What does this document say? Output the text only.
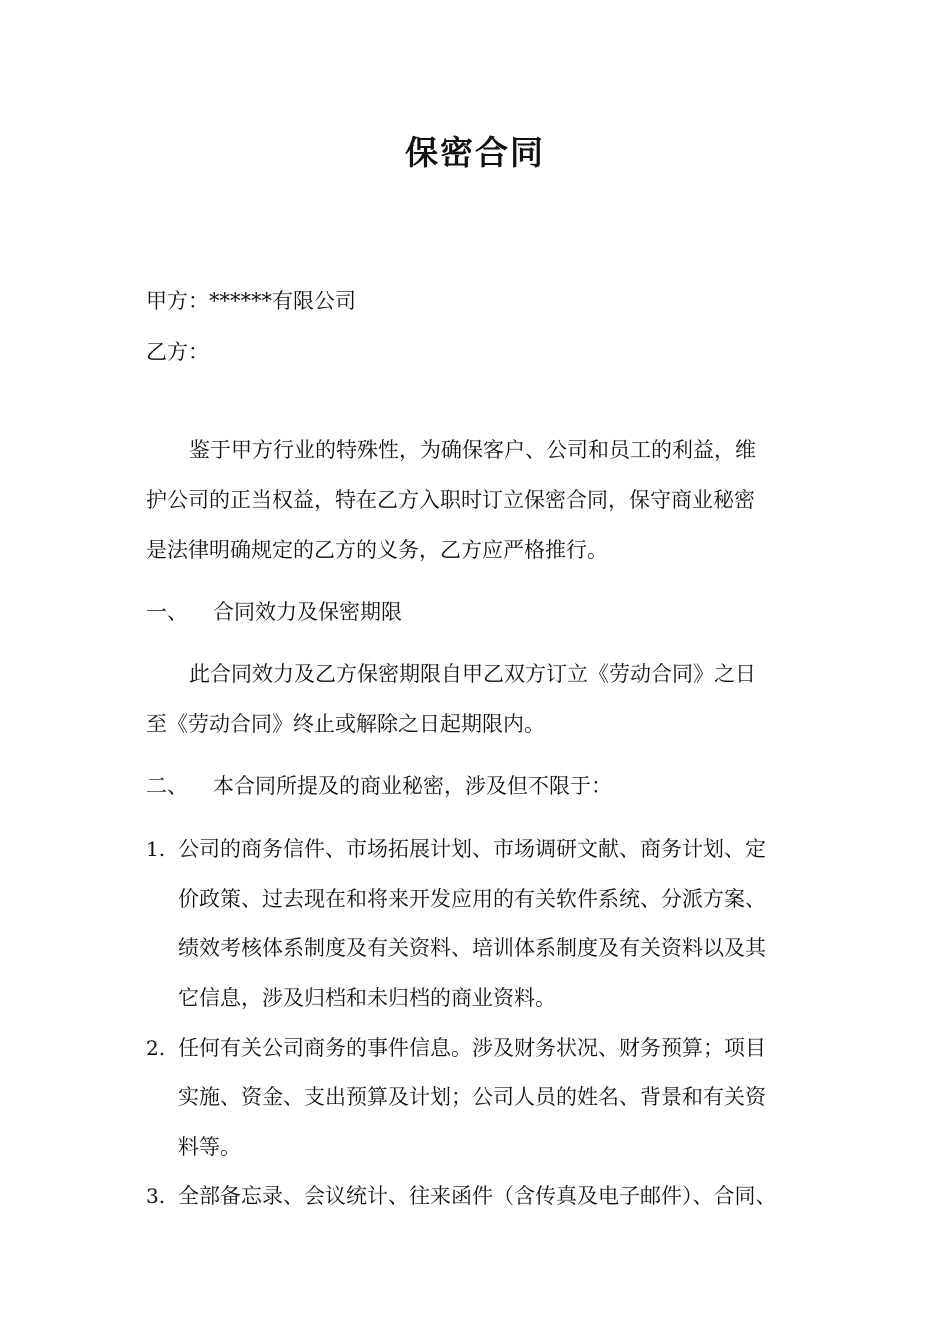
保密合同
甲方：******有限公司
乙方：
鉴于甲方行业的特殊性，为确保客户、公司和员工的利益，维
护公司的正当权益，特在乙方入职时订立保密合同，保守商业秘密
是法律明确规定的乙方的义务，乙方应严格推行。
一、 合同效力及保密期限
此合同效力及乙方保密期限自甲乙双方订立《劳动合同》之日
至《劳动合同》终止或解除之日起期限内。
二、 本合同所提及的商业秘密，涉及但不限于：
1. 公司的商务信件、市场拓展计划、市场调研文献、商务计划、定
价政策、过去现在和将来开发应用的有关软件系统、分派方案、
绩效考核体系制度及有关资料、培训体系制度及有关资料以及其
它信息，涉及归档和未归档的商业资料。
2. 任何有关公司商务的事件信息。涉及财务状况、财务预算；项目
实施、资金、支出预算及计划；公司人员的姓名、背景和有关资
料等。
3. 全部备忘录、会议统计、往来函件（含传真及电子邮件）、合同、
